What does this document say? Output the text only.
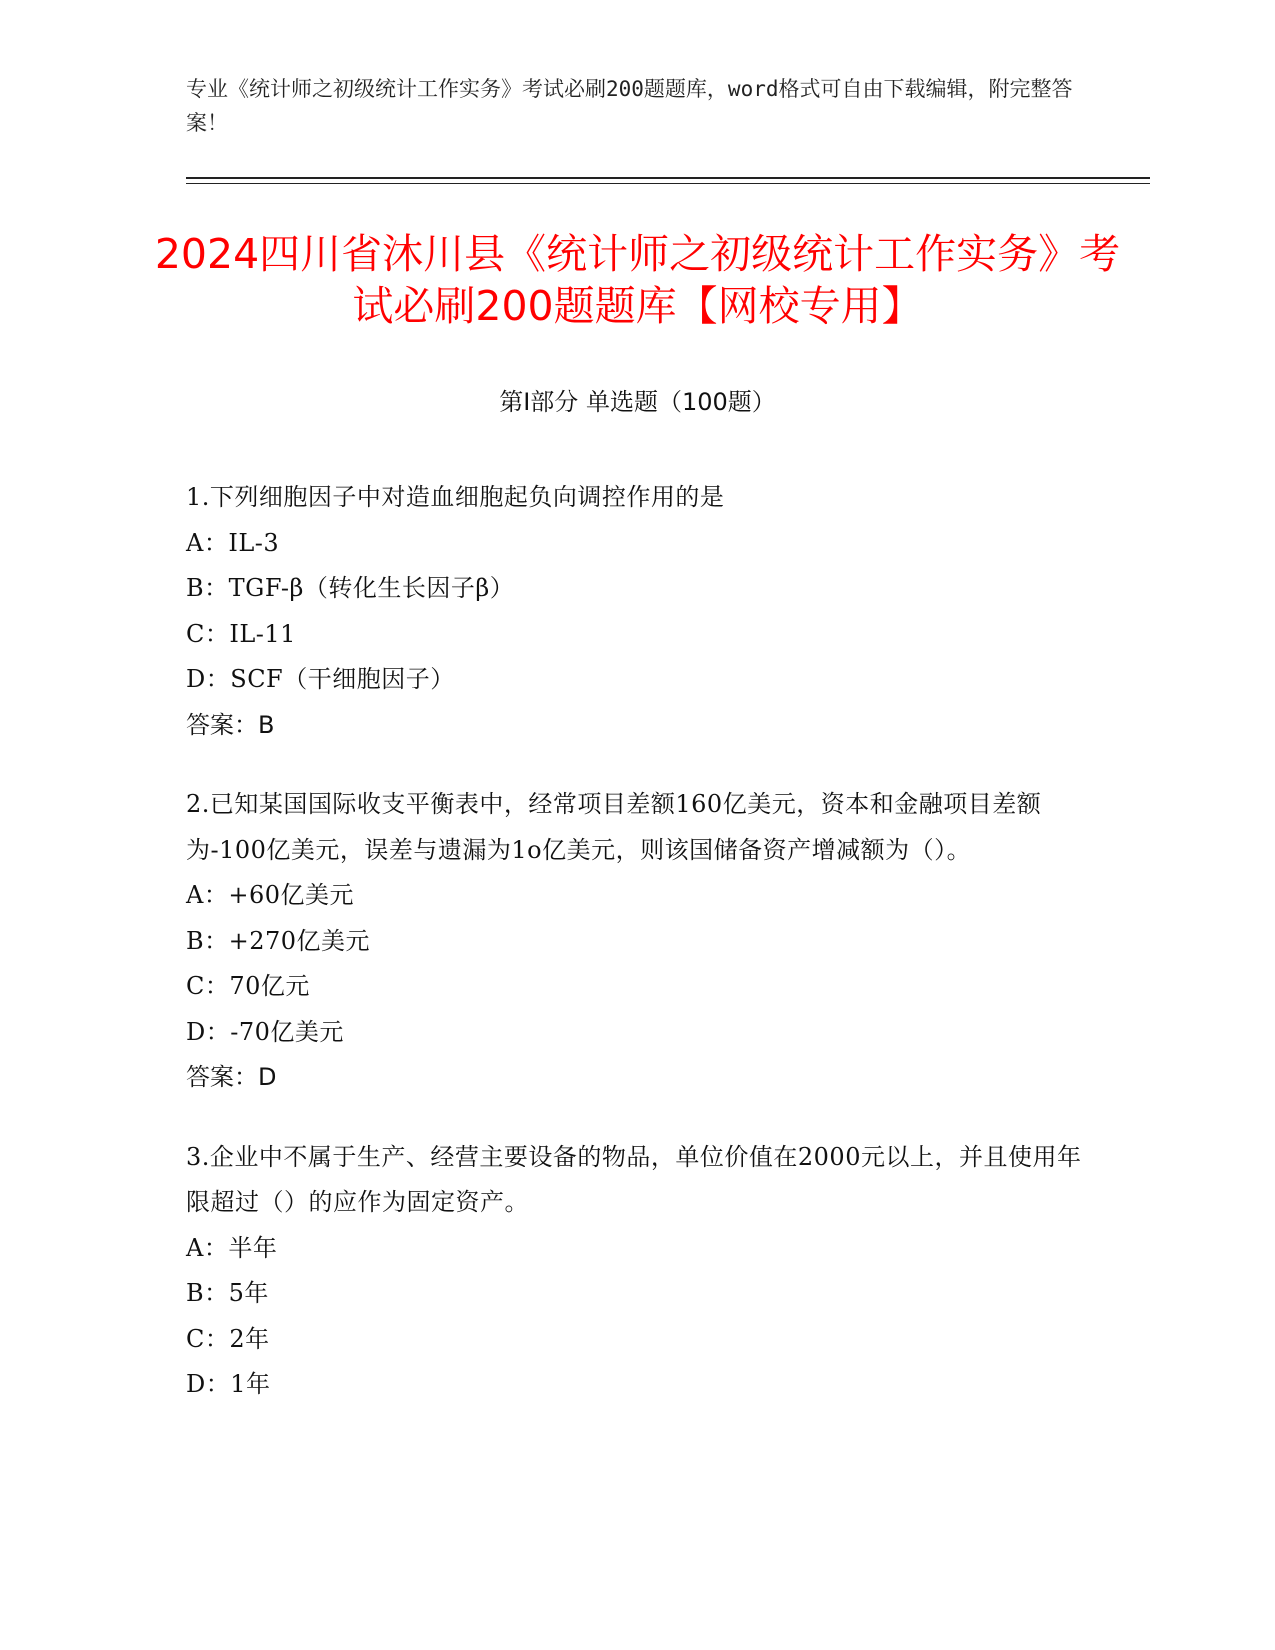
专业《统计师之初级统计工作实务》考试必刷200题题库，word格式可自由下载编辑，附完整答案！
2024四川省沐川县《统计师之初级统计工作实务》考试必刷200题题库【网校专用】
第I部分 单选题（100题）
1.下列细胞因子中对造血细胞起负向调控作用的是
A： IL-3
B： TGF-β（转化生长因子β）
C： IL-11
D： SCF（干细胞因子）
答案：B
2.已知某国国际收支平衡表中，经常项目差额160亿美元，资本和金融项目差额为-100亿美元，误差与遗漏为1o亿美元，则该国储备资产增减额为（）。
A： +60亿美元
B： +270亿美元
C： 70亿元
D： -70亿美元
答案：D
3.企业中不属于生产、经营主要设备的物品，单位价值在2000元以上，并且使用年限超过（）的应作为固定资产。
A： 半年
B： 5年
C： 2年
D： 1年
